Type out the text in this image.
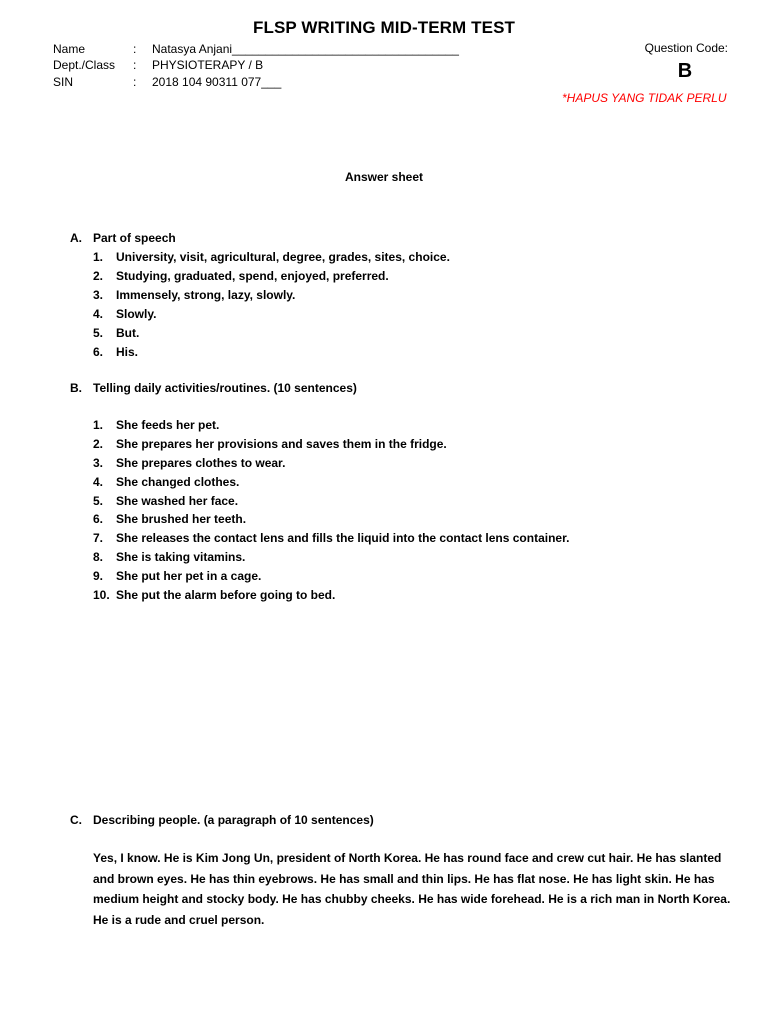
FLSP WRITING MID-TERM TEST
Name	: Natasya Anjani__________________________________
Dept./Class : PHYSIOTERAPY / B
SIN	: 2018 104 90311 077___
Question Code:
B
*HAPUS YANG TIDAK PERLU
Answer sheet
A. Part of speech
1. University, visit, agricultural, degree, grades, sites, choice.
2. Studying, graduated, spend, enjoyed, preferred.
3. Immensely, strong, lazy, slowly.
4. Slowly.
5. But.
6. His.
B. Telling daily activities/routines. (10 sentences)
1. She feeds her pet.
2. She prepares her provisions and saves them in the fridge.
3. She prepares clothes to wear.
4. She changed clothes.
5. She washed her face.
6. She brushed her teeth.
7. She releases the contact lens and fills the liquid into the contact lens container.
8. She is taking vitamins.
9. She put her pet in a cage.
10. She put the alarm before going to bed.
C. Describing people. (a paragraph of 10 sentences)
Yes, I know. He is Kim Jong Un, president of North Korea. He has round face and crew cut hair. He has slanted and brown eyes. He has thin eyebrows. He has small and thin lips. He has flat nose. He has light skin. He has medium height and stocky body. He has chubby cheeks. He has wide forehead. He is a rich man in North Korea. He is a rude and cruel person.
